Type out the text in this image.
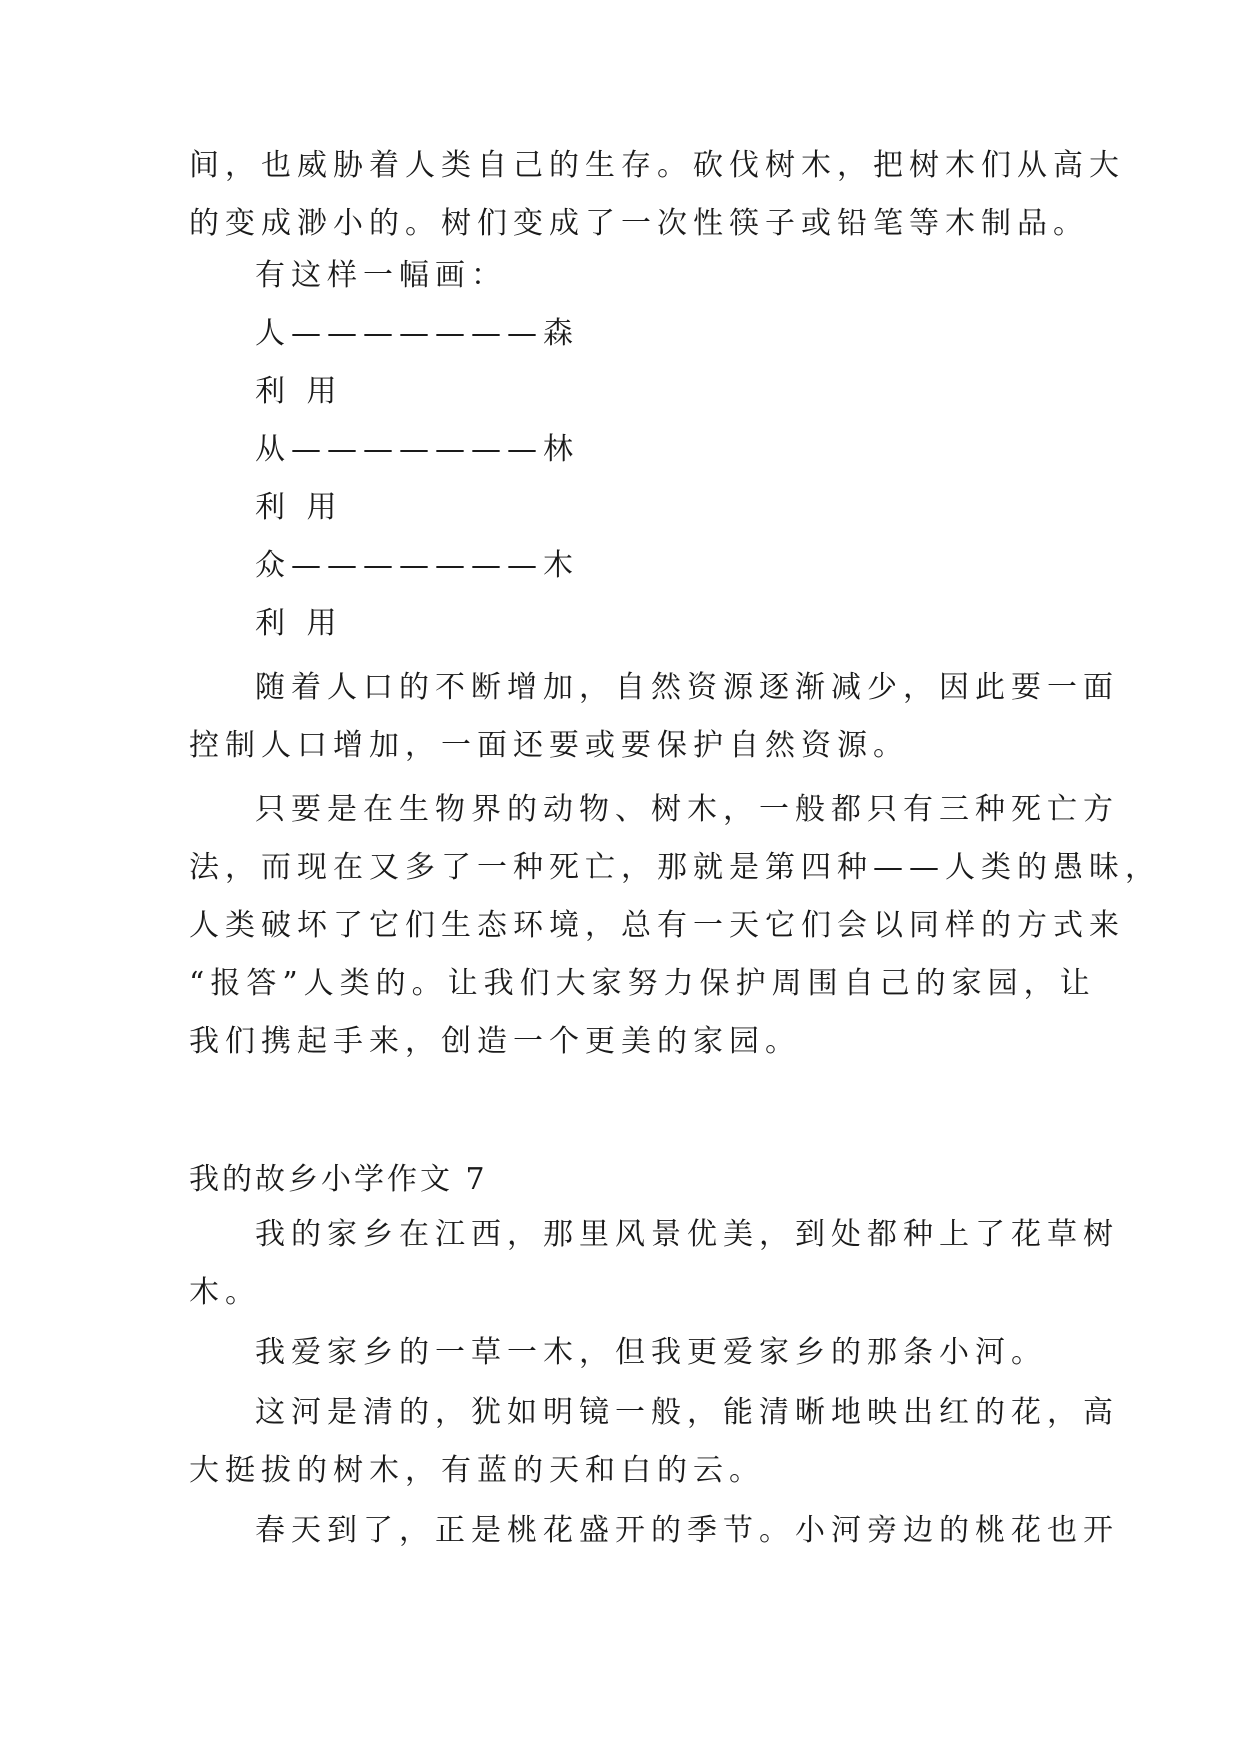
间，也威胁着人类自己的生存。砍伐树木，把树木们从高大
的变成渺小的。树们变成了一次性筷子或铅笔等木制品。
有这样一幅画：
人———————森
利 用
从———————林
利 用
众———————木
利 用
随着人口的不断增加，自然资源逐渐减少，因此要一面
控制人口增加，一面还要或要保护自然资源。
只要是在生物界的动物、树木，一般都只有三种死亡方
法，而现在又多了一种死亡，那就是第四种——人类的愚昧，
人类破坏了它们生态环境，总有一天它们会以同样的方式来
“报答”人类的。让我们大家努力保护周围自己的家园，让
我们携起手来，创造一个更美的家园。
我的故乡小学作文 7
我的家乡在江西，那里风景优美，到处都种上了花草树
木。
我爱家乡的一草一木，但我更爱家乡的那条小河。
这河是清的，犹如明镜一般，能清晰地映出红的花，高
大挺拔的树木，有蓝的天和白的云。
春天到了，正是桃花盛开的季节。小河旁边的桃花也开
